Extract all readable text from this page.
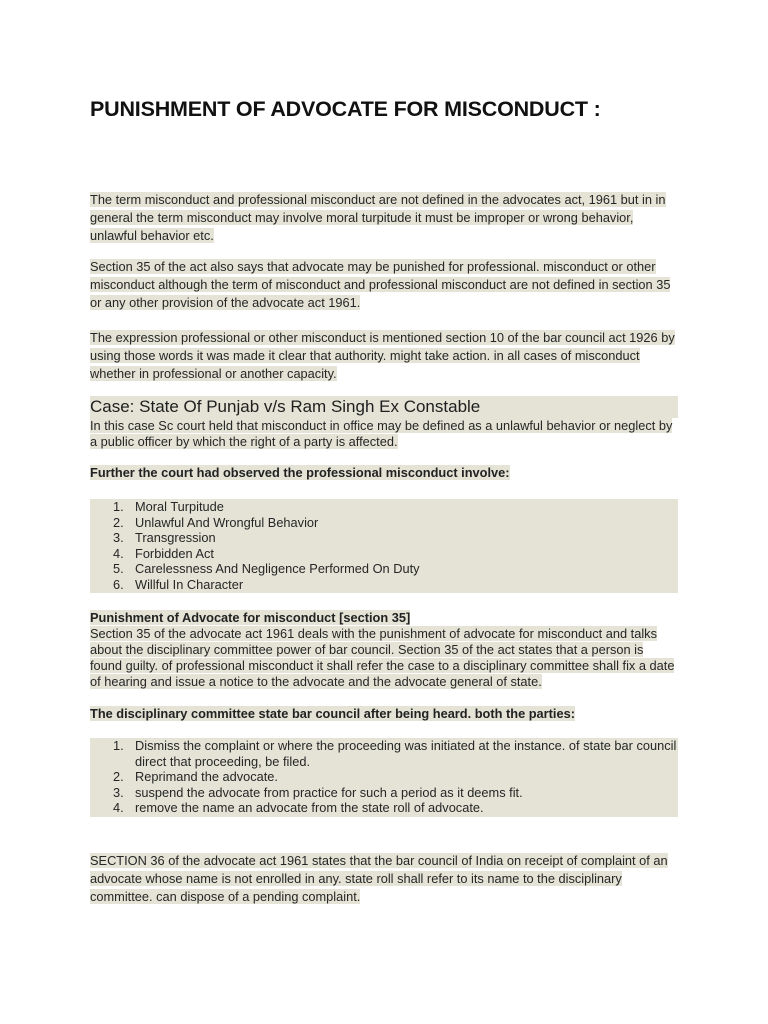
PUNISHMENT OF ADVOCATE FOR MISCONDUCT :
The term misconduct and professional misconduct are not defined in the advocates act, 1961 but in in general the term misconduct may involve moral turpitude it must be improper or wrong behavior, unlawful behavior etc.
Section 35 of the act also says that advocate may be punished for professional. misconduct or other misconduct although the term of misconduct and professional misconduct are not defined in section 35 or any other provision of the advocate act 1961.
The expression professional or other misconduct is mentioned section 10 of the bar council act 1926 by using those words it was made it clear that authority. might take action. in all cases of misconduct whether in professional or another capacity.
Case: State Of Punjab v/s Ram Singh Ex Constable
In this case Sc court held that misconduct in office may be defined as a unlawful behavior or neglect by a public officer by which the right of a party is affected.
Further the court had observed the professional misconduct involve:
1. Moral Turpitude
2. Unlawful And Wrongful Behavior
3. Transgression
4. Forbidden Act
5. Carelessness And Negligence Performed On Duty
6. Willful In Character
Punishment of Advocate for misconduct [section 35]
Section 35 of the advocate act 1961 deals with the punishment of advocate for misconduct and talks about the disciplinary committee power of bar council. Section 35 of the act states that a person is found guilty. of professional misconduct it shall refer the case to a disciplinary committee shall fix a date of hearing and issue a notice to the advocate and the advocate general of state.
The disciplinary committee state bar council after being heard. both the parties:
1. Dismiss the complaint or where the proceeding was initiated at the instance. of state bar council direct that proceeding, be filed.
2. Reprimand the advocate.
3. suspend the advocate from practice for such a period as it deems fit.
4. remove the name an advocate from the state roll of advocate.
SECTION 36 of the advocate act 1961 states that the bar council of India on receipt of complaint of an advocate whose name is not enrolled in any. state roll shall refer to its name to the disciplinary committee. can dispose of a pending complaint.
